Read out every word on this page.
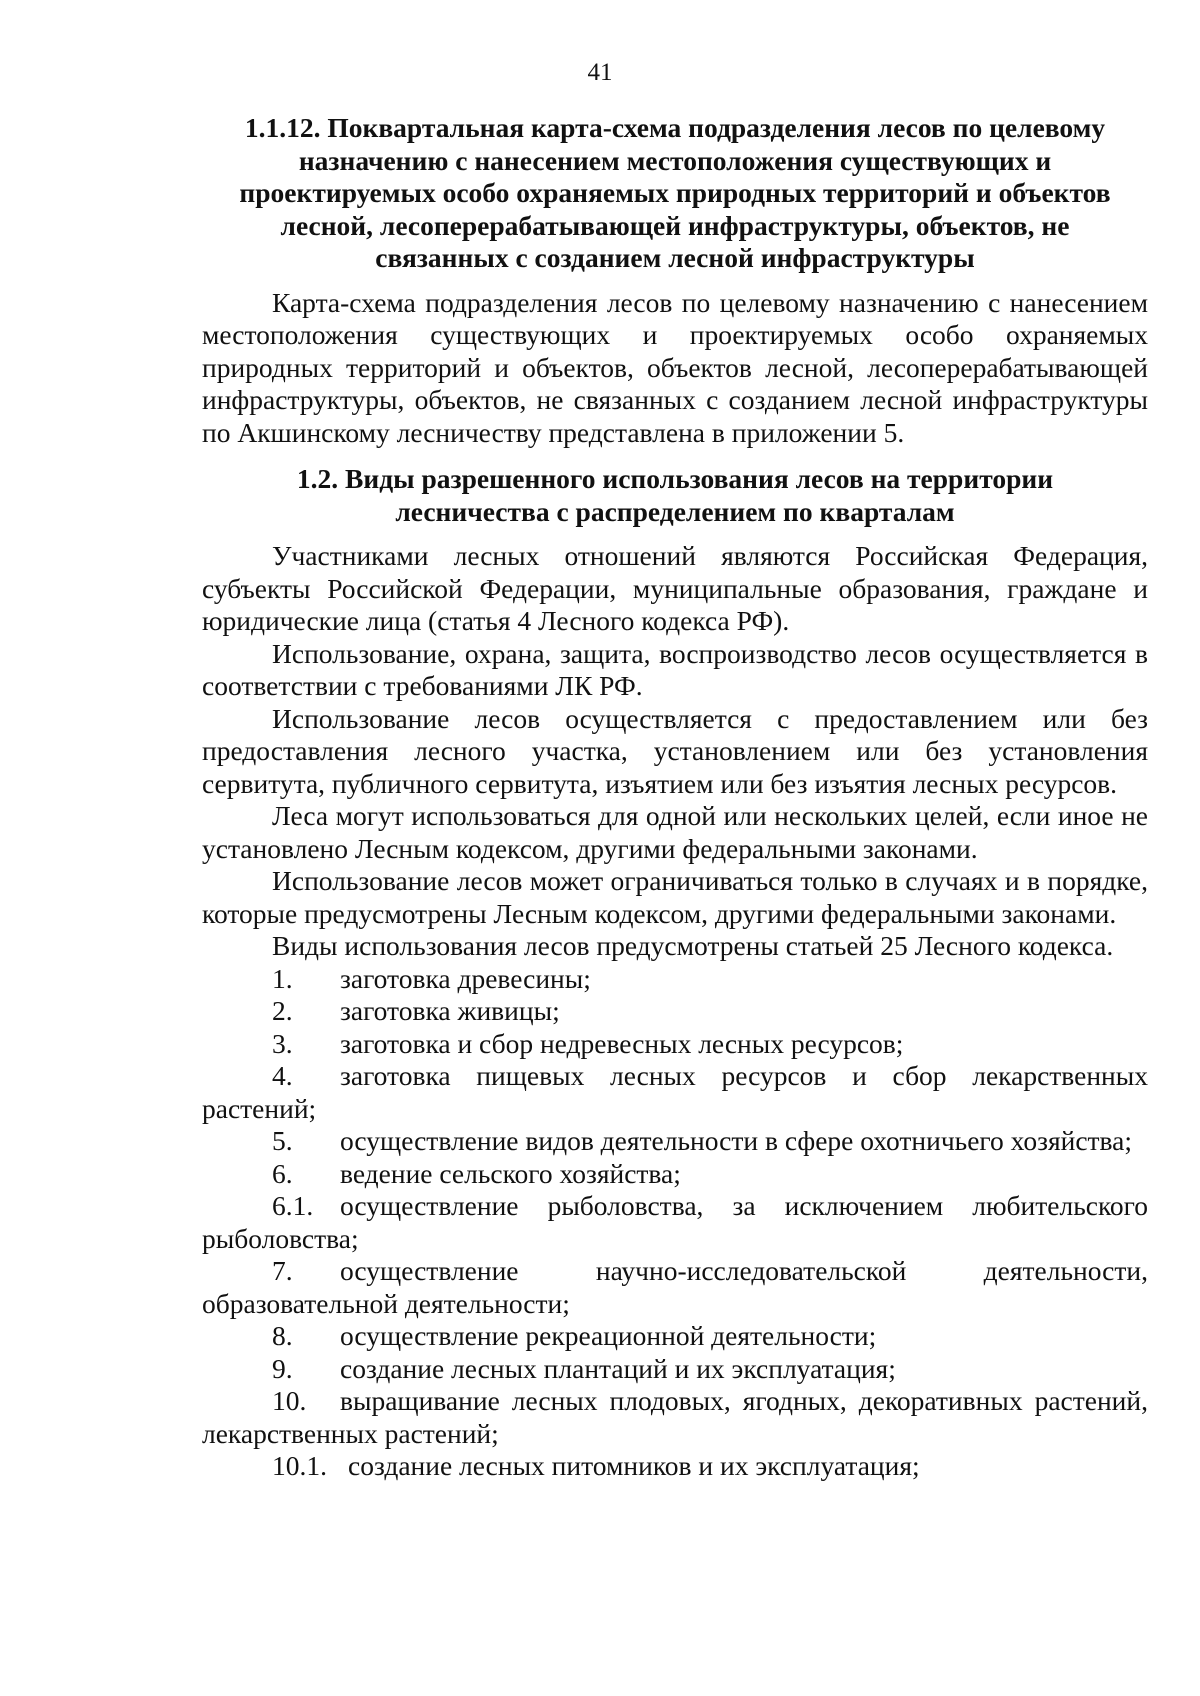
41

1.1.12. Поквартальная карта-схема подразделения лесов по целевому назначению с нанесением местоположения существующих и проектируемых особо охраняемых природных территорий и объектов лесной, лесоперерабатывающей инфраструктуры, объектов, не связанных с созданием лесной инфраструктуры

Карта-схема подразделения лесов по целевому назначению с нанесением местоположения существующих и проектируемых особо охраняемых природных территорий и объектов, объектов лесной, лесоперерабатывающей инфраструктуры, объектов, не связанных с созданием лесной инфраструктуры по Акшинскому лесничеству представлена в приложении 5.

1.2. Виды разрешенного использования лесов на территории лесничества с распределением по кварталам

Участниками лесных отношений являются Российская Федерация, субъекты Российской Федерации, муниципальные образования, граждане и юридические лица (статья 4 Лесного кодекса РФ).

Использование, охрана, защита, воспроизводство лесов осуществляется в соответствии с требованиями ЛК РФ.

Использование лесов осуществляется с предоставлением или без предоставления лесного участка, установлением или без установления сервитута, публичного сервитута, изъятием или без изъятия лесных ресурсов.

Леса могут использоваться для одной или нескольких целей, если иное не установлено Лесным кодексом, другими федеральными законами.

Использование лесов может ограничиваться только в случаях и в порядке, которые предусмотрены Лесным кодексом, другими федеральными законами.

Виды использования лесов предусмотрены статьей 25 Лесного кодекса.

1. заготовка древесины;
2. заготовка живицы;
3. заготовка и сбор недревесных лесных ресурсов;
4. заготовка пищевых лесных ресурсов и сбор лекарственных растений;
5. осуществление видов деятельности в сфере охотничьего хозяйства;
6. ведение сельского хозяйства;
6.1. осуществление рыболовства, за исключением любительского рыболовства;
7. осуществление научно-исследовательской деятельности, образовательной деятельности;
8. осуществление рекреационной деятельности;
9. создание лесных плантаций и их эксплуатация;
10. выращивание лесных плодовых, ягодных, декоративных растений, лекарственных растений;
10.1. создание лесных питомников и их эксплуатация;
